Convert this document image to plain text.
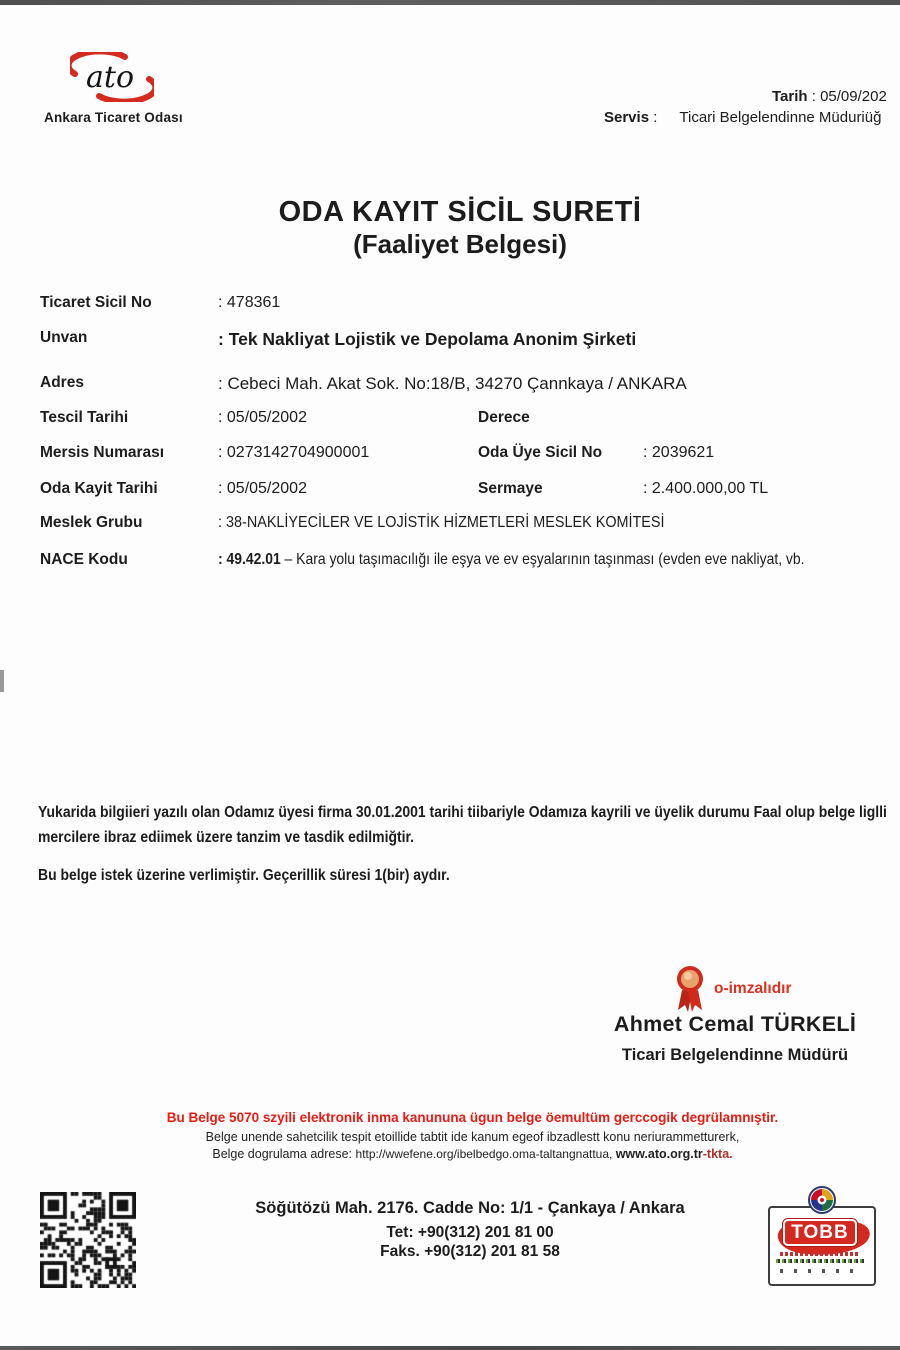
ato
Ankara Ticaret Odası
Tarih : 05/09/202
Servis : Ticari Belgelendinne Müduriüğ
ODA KAYIT SİCİL SURETİ
(Faaliyet Belgesi)
Ticaret Sicil No	: 478361
Unvan	: Tek Nakliyat Lojistik ve Depolama Anonim Şirketi
Adres	: Cebeci Mah. Akat Sok. No:18/B, 34270 Çannkaya / ANKARA
Tescil Tarihi	: 05/05/2002	Derece
Mersis Numarası	: 0273142704900001	Oda Üye Sicil No	: 2039621
Oda Kayit Tarihi	: 05/05/2002	Sermaye	: 2.400.000,00 TL
Meslek Grubu	: 38-NAKLİYECİLER VE LOJİSTİK HİZMETLERİ MESLEK KOMİTESİ
NACE Kodu	: 49.42.01 – Kara yolu taşımacılığı ile eşya ve ev eşyalarının taşınması (evden eve nakliyat, vb.
Yukarida bilgiieri yazılı olan Odamız üyesi firma 30.01.2001 tarihi tiibariyle Odamıza kayrili ve üyelik durumu Faal olup belge liglli mercilere ibraz ediimek üzere tanzim ve tasdik edilmiğtir.
Bu belge istek üzerine verlimiştir. Geçerillik süresi 1(bir) aydır.
o-imzalıdır
Ahmet Cemal TÜRKELİ
Ticari Belgelendinne Müdürü
Bu Belge 5070 szyili elektronik inma kanununa ügun belge öemultüm gerccogik degrülamnıştir.
Belge unende sahetcilik tespit etoillide tabtit ide kanum egeof ibzadlestt konu neriurammetturerk,
Belge dogrulama adrese: http://wwefene.org/ibelbedgo.oma-taltangnattua, www.ato.org.tr-tkta.
Söğütözü Mah. 2176. Cadde No: 1/1 - Çankaya / Ankara
Tet: +90(312) 201 81 00
Faks. +90(312) 201 81 58
TOBB
